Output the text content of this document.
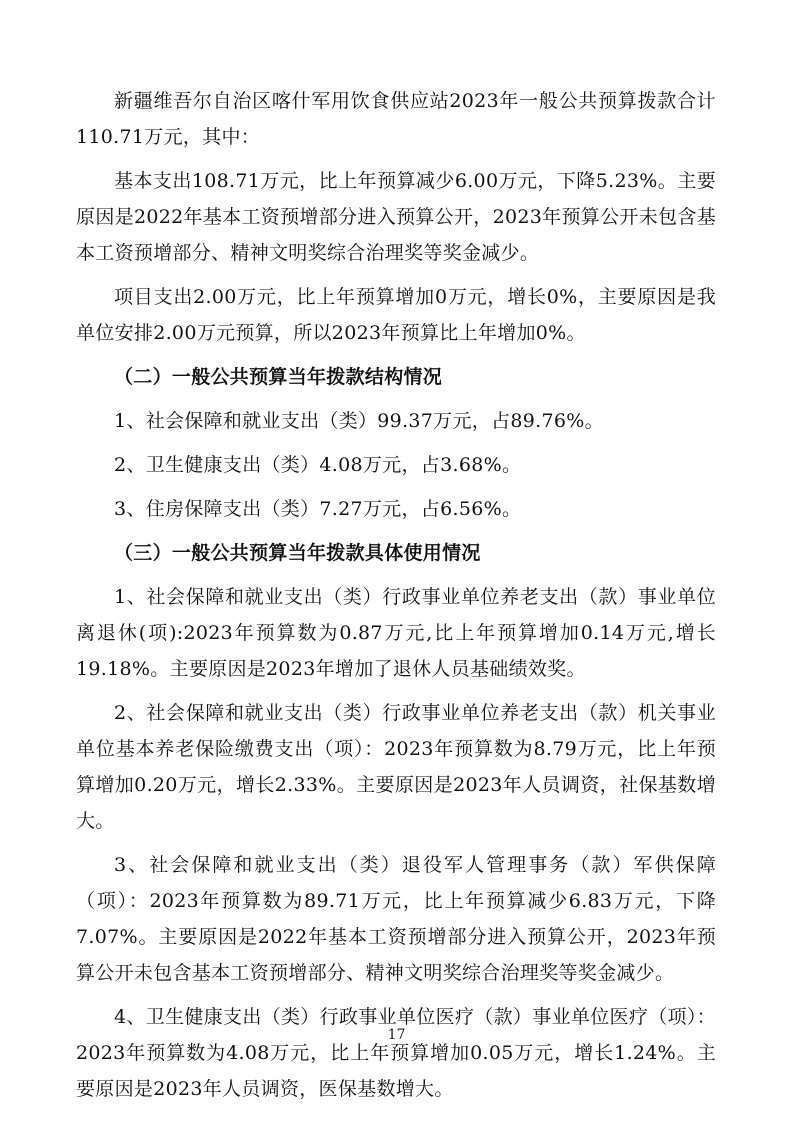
新疆维吾尔自治区喀什军用饮食供应站2023年一般公共预算拨款合计110.71万元，其中：

基本支出108.71万元，比上年预算减少6.00万元，下降5.23%。主要原因是2022年基本工资预增部分进入预算公开，2023年预算公开未包含基本工资预增部分、精神文明奖综合治理奖等奖金减少。

项目支出2.00万元，比上年预算增加0万元，增长0%，主要原因是我单位安排2.00万元预算，所以2023年预算比上年增加0%。

（二）一般公共预算当年拨款结构情况

1、社会保障和就业支出（类）99.37万元，占89.76%。

2、卫生健康支出（类）4.08万元，占3.68%。

3、住房保障支出（类）7.27万元，占6.56%。

（三）一般公共预算当年拨款具体使用情况

1、社会保障和就业支出（类）行政事业单位养老支出（款）事业单位离退休(项):2023年预算数为0.87万元,比上年预算增加0.14万元,增长19.18%。主要原因是2023年增加了退休人员基础绩效奖。

2、社会保障和就业支出（类）行政事业单位养老支出（款）机关事业单位基本养老保险缴费支出（项）：2023年预算数为8.79万元，比上年预算增加0.20万元，增长2.33%。主要原因是2023年人员调资，社保基数增大。

3、社会保障和就业支出（类）退役军人管理事务（款）军供保障（项）：2023年预算数为89.71万元，比上年预算减少6.83万元，下降7.07%。主要原因是2022年基本工资预增部分进入预算公开，2023年预算公开未包含基本工资预增部分、精神文明奖综合治理奖等奖金减少。

4、卫生健康支出（类）行政事业单位医疗（款）事业单位医疗（项）：2023年预算数为4.08万元，比上年预算增加0.05万元，增长1.24%。主要原因是2023年人员调资，医保基数增大。

17
